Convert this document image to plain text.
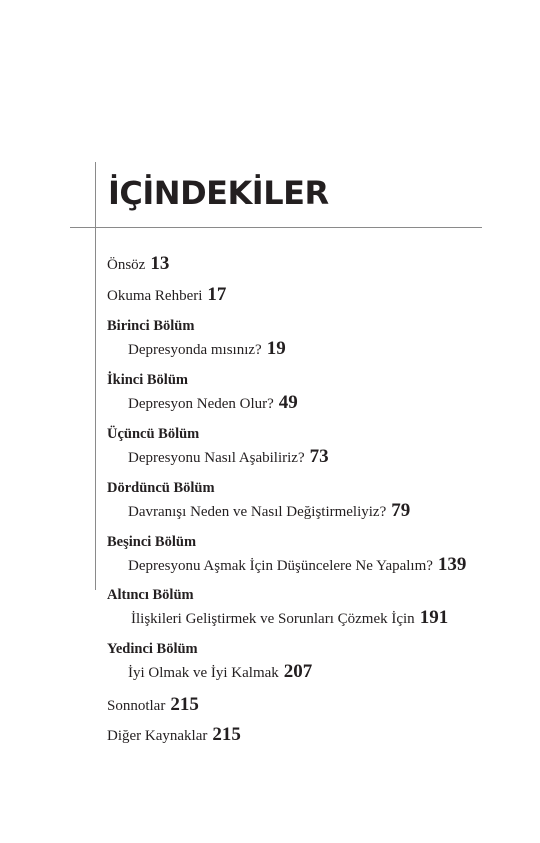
İÇİNDEKİLER
Önsöz 13
Okuma Rehberi 17
Birinci Bölüm
Depresyonda mısınız? 19
İkinci Bölüm
Depresyon Neden Olur? 49
Üçüncü Bölüm
Depresyonu Nasıl Aşabiliriz? 73
Dördüncü Bölüm
Davranışı Neden ve Nasıl Değiştirmeliyiz? 79
Beşinci Bölüm
Depresyonu Aşmak İçin Düşüncelere Ne Yapalım? 139
Altıncı Bölüm
İlişkileri Geliştirmek ve Sorunları Çözmek İçin 191
Yedinci Bölüm
İyi Olmak ve İyi Kalmak 207
Sonnotlar 215
Diğer Kaynaklar 215
